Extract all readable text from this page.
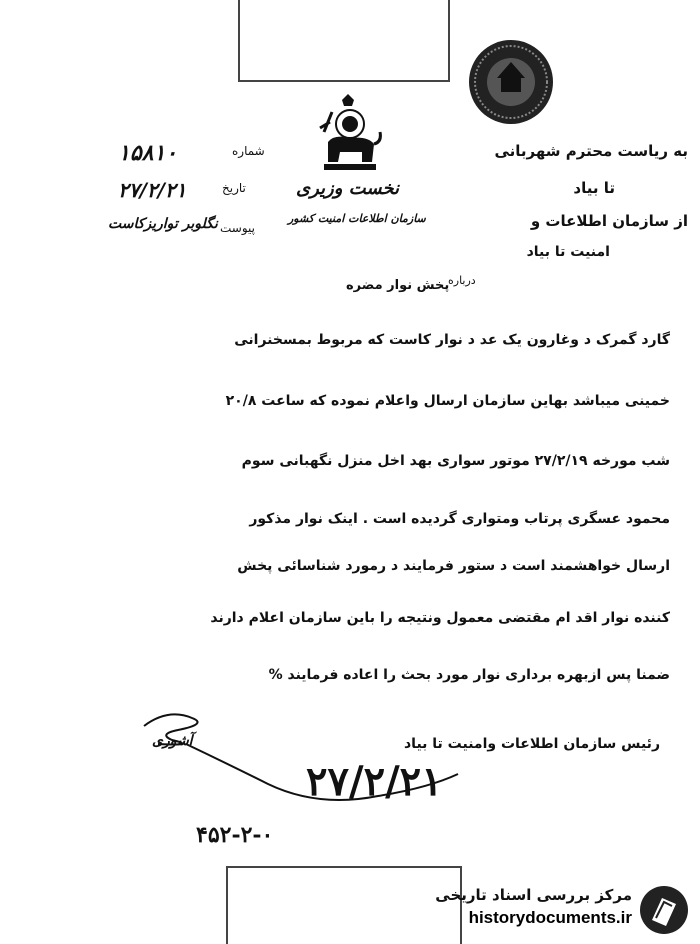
به ریاست محترم شهربانی
تا بیاد
از سازمان اطلاعات و
امنیت تا بیاد
نخست وزیری
سازمان اطلاعات امنیت کشور
شماره
۱۵۸۱۰
تاریخ
۲۷/۲/۲۱
پیوست
نگلوبر تواریزکاست
درباره
پخش نوار مضره
گارد گمرک د وغارون یک عد د نوار کاست که مربوط بمسخنرانی
خمینی میباشد بهاین سازمان ارسال واعلام نموده که ساعت ۲۰/۸
شب مورخه ۲۷/۲/۱۹ موتور سواری بهد اخل منزل نگهبانی سوم
محمود عسگری پرتاب ومتواری گردیده است . اینک نوار مذکور
ارسال خواهشمند است د ستور فرمایند د رمورد شناسائی پخش
کننده نوار اقد ام مقتضی معمول ونتیجه را باین سازمان اعلام دارند
ضمنا پس ازبهره برداری نوار مورد بحث را اعاده فرمایند %
رئیس سازمان اطلاعات وامنیت تا بیاد
آشوری
۲۷/۲/۲۱
۴۵۲-۲-۰
مرکز بررسی اسناد تاریخی
historydocuments.ir
